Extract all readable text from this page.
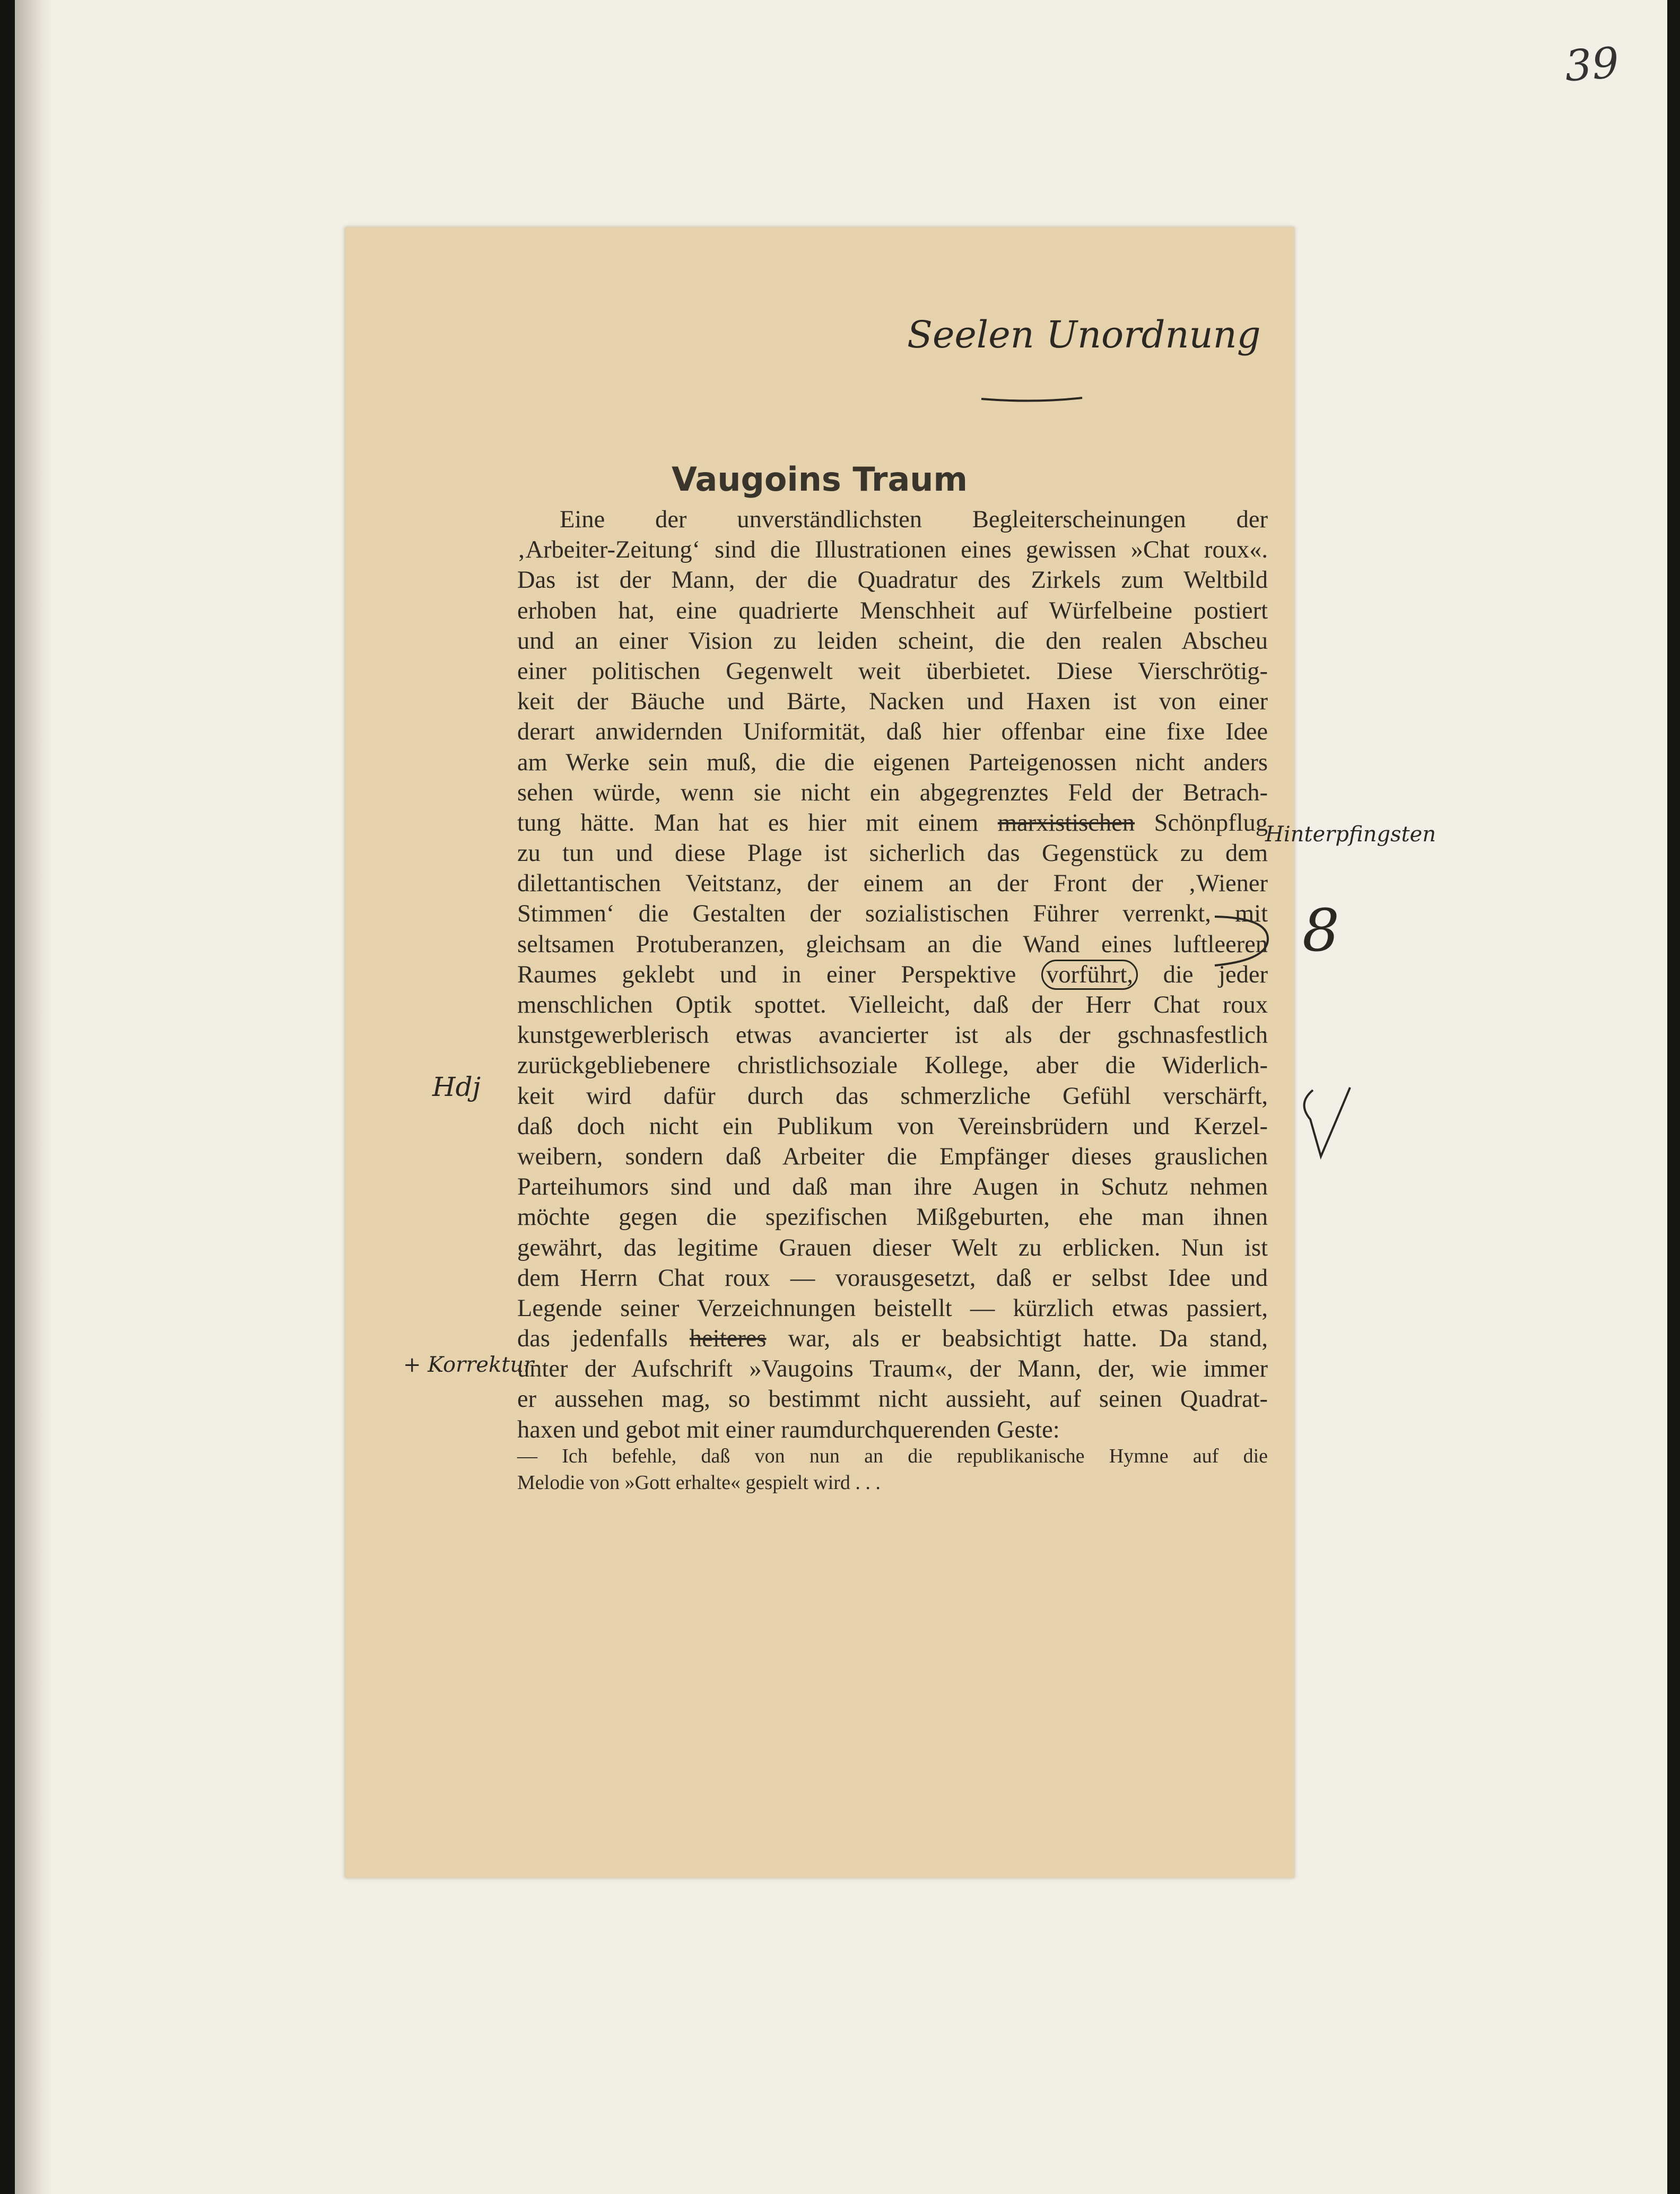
39
Vaugoins Traum
Eine der unverständlichsten Begleiterscheinungen der
‚Arbeiter-Zeitung‘ sind die Illustrationen eines gewissen »Chat roux«.
Das ist der Mann, der die Quadratur des Zirkels zum Weltbild
erhoben hat, eine quadrierte Menschheit auf Würfelbeine postiert
und an einer Vision zu leiden scheint, die den realen Abscheu
einer politischen Gegenwelt weit überbietet. Diese Vierschrötig-
keit der Bäuche und Bärte, Nacken und Haxen ist von einer
derart anwidernden Uniformität, daß hier offenbar eine fixe Idee
am Werke sein muß, die die eigenen Parteigenossen nicht anders
sehen würde, wenn sie nicht ein abgegrenztes Feld der Betrach-
tung hätte. Man hat es hier mit einem marxistischen Schönpflug
zu tun und diese Plage ist sicherlich das Gegenstück zu dem
dilettantischen Veitstanz, der einem an der Front der ‚Wiener
Stimmen‘ die Gestalten der sozialistischen Führer verrenkt, mit
seltsamen Protuberanzen, gleichsam an die Wand eines luftleeren
Raumes geklebt und in einer Perspektive vorführt, die jeder
menschlichen Optik spottet. Vielleicht, daß der Herr Chat roux
kunstgewerblerisch etwas avancierter ist als der gschnasfestlich
zurückgebliebenere christlichsoziale Kollege, aber die Widerlich-
keit wird dafür durch das schmerzliche Gefühl verschärft,
daß doch nicht ein Publikum von Vereinsbrüdern und Kerzel-
weibern, sondern daß Arbeiter die Empfänger dieses grauslichen
Parteihumors sind und daß man ihre Augen in Schutz nehmen
möchte gegen die spezifischen Mißgeburten, ehe man ihnen
gewährt, das legitime Grauen dieser Welt zu erblicken. Nun ist
dem Herrn Chat roux — vorausgesetzt, daß er selbst Idee und
Legende seiner Verzeichnungen beistellt — kürzlich etwas passiert,
das jedenfalls heiteres war, als er beabsichtigt hatte. Da stand,
unter der Aufschrift »Vaugoins Traum«, der Mann, der, wie immer
er aussehen mag, so bestimmt nicht aussieht, auf seinen Quadrat-
haxen und gebot mit einer raumdurchquerenden Geste:
— Ich befehle, daß von nun an die republikanische Hymne auf die
Melodie von »Gott erhalte« gespielt wird . . .
Seelen Unordnung
Hinterpfingsten
Hdj
+ Korrektur
8
